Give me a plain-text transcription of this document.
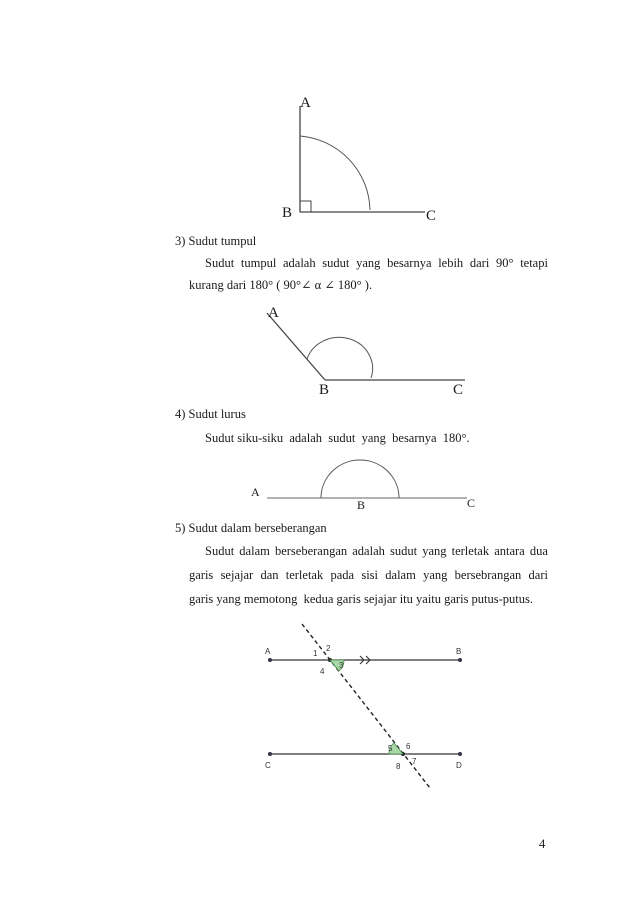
A
B	C
3) Sudut tumpul
Sudut tumpul adalah sudut yang besarnya lebih dari 90° tetapi
kurang dari 180° ( 90°∠ α ∠ 180° ).
A
B	C
4) Sudut lurus
Sudut siku-siku  adalah  sudut  yang  besarnya  180°.
A
B	C
5) Sudut dalam berseberangan
Sudut dalam berseberangan adalah sudut yang terletak antara dua
garis sejajar dan terletak pada sisi dalam yang bersebrangan dari
garis yang memotong  kedua garis sejajar itu yaitu garis putus-putus.
A	B
C	D
1
2
3
4
5 6
7
8
4
